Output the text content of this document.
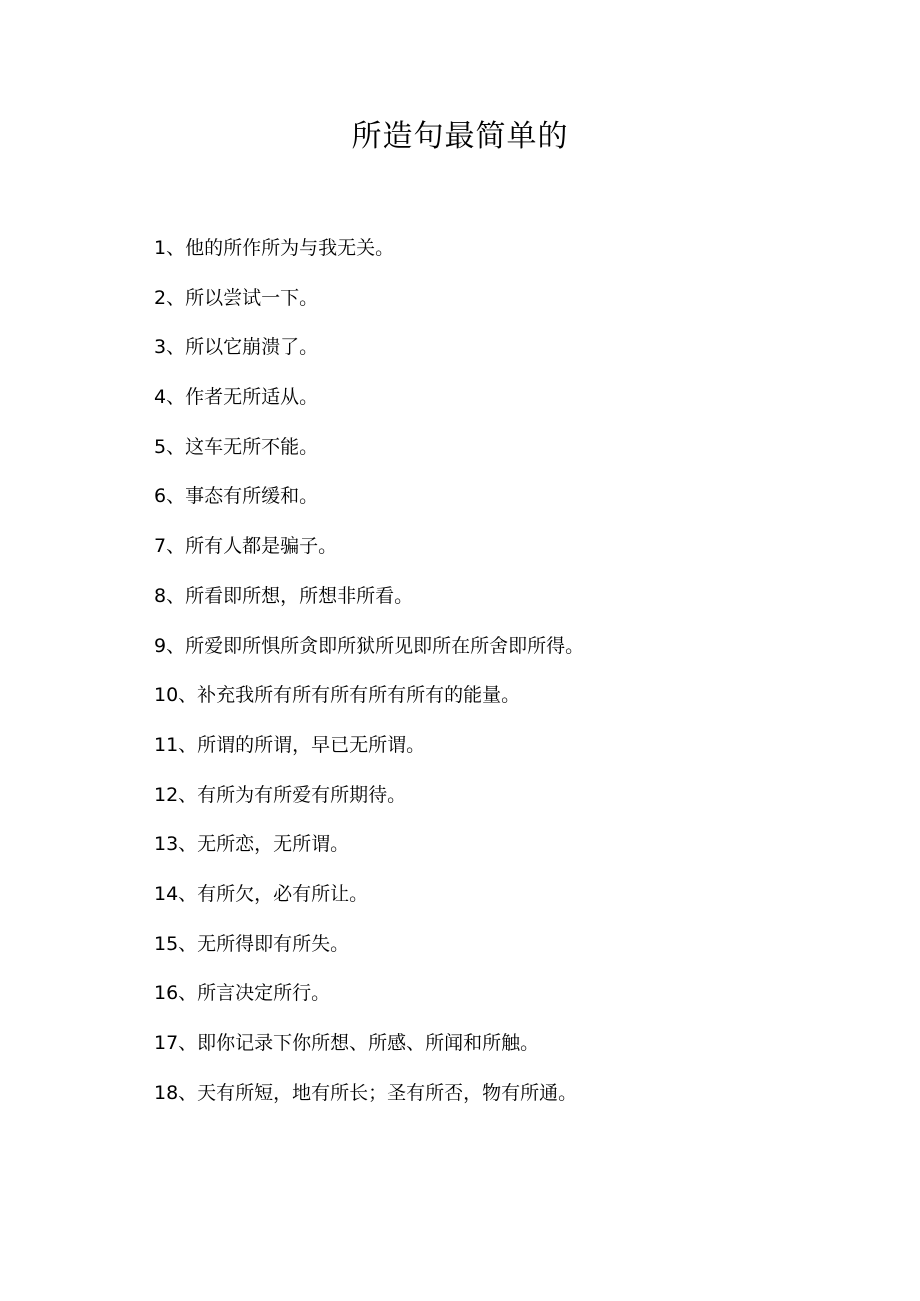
所造句最简单的
1、他的所作所为与我无关。
2、所以尝试一下。
3、所以它崩溃了。
4、作者无所适从。
5、这车无所不能。
6、事态有所缓和。
7、所有人都是骗子。
8、所看即所想，所想非所看。
9、所爱即所惧所贪即所狱所见即所在所舍即所得。
10、补充我所有所有所有所有所有的能量。
11、所谓的所谓，早已无所谓。
12、有所为有所爱有所期待。
13、无所恋，无所谓。
14、有所欠，必有所让。
15、无所得即有所失。
16、所言决定所行。
17、即你记录下你所想、所感、所闻和所触。
18、天有所短，地有所长；圣有所否，物有所通。
